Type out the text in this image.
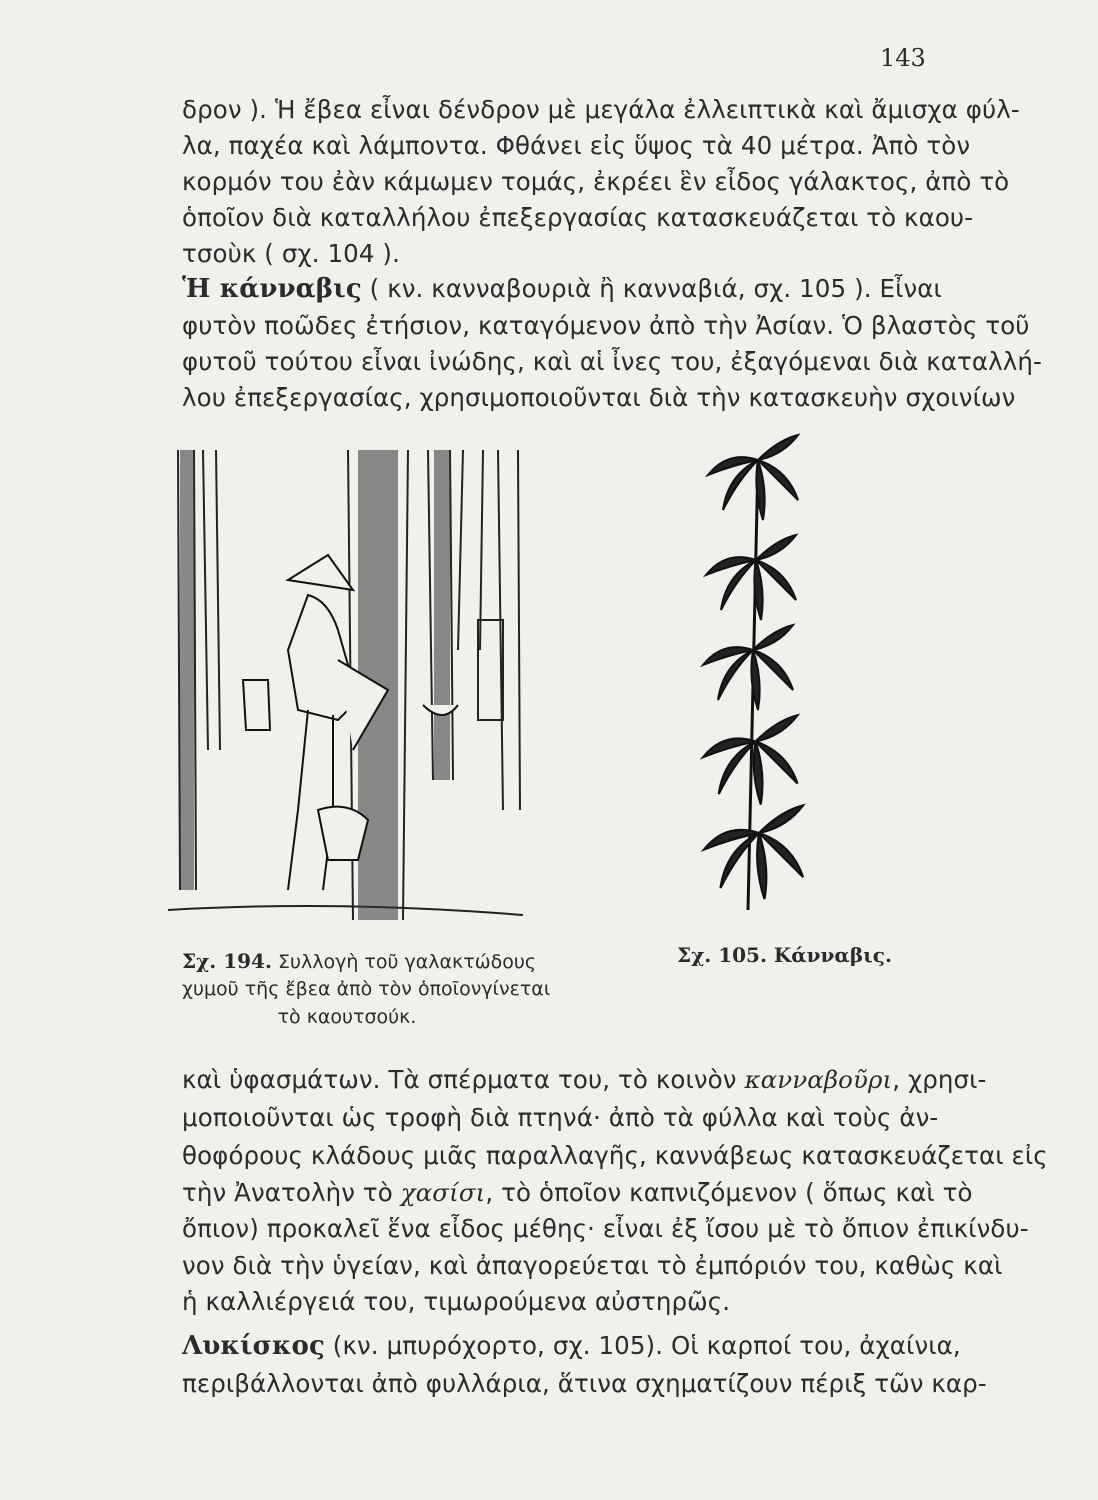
143
δρον ). Ἡ ἔβεα εἶναι δένδρον μὲ μεγάλα ἐλλειπτικὰ καὶ ἄμισχα φύλ-
λα, παχέα καὶ λάμποντα. Φθάνει εἰς ὕψος τὰ 40 μέτρα. Ἀπὸ τὸν
κορμόν του ἐὰν κάμωμεν τομάς, ἐκρέει ἓν εἶδος γάλακτος, ἀπὸ τὸ
ὁποῖον διὰ καταλλήλου ἐπεξεργασίας κατασκευάζεται τὸ καου-
τσοὺκ ( σχ. 104 ).
Ἡ κάνναβις ( κν. κανναβουριὰ ἢ κανναβιά, σχ. 105 ). Εἶναι
φυτὸν ποῶδες ἐτήσιον, καταγόμενον ἀπὸ τὴν Ἀσίαν. Ὁ βλαστὸς τοῦ
φυτοῦ τούτου εἶναι ἰνώδης, καὶ αἱ ἶνες του, ἐξαγόμεναι διὰ καταλλή-
λου ἐπεξεργασίας, χρησιμοποιοῦνται διὰ τὴν κατασκευὴν σχοινίων
Σχ. 194. Συλλογὴ τοῦ γαλακτώδους
χυμοῦ τῆς ἔβεα ἀπὸ τὸν ὁποῖονγίνεται
τὸ καουτσούκ.
Σχ. 105. Κάνναβις.
καὶ ὑφασμάτων. Τὰ σπέρματα του, τὸ κοινὸν κανναβοῦρι, χρησι-
μοποιοῦνται ὡς τροφὴ διὰ πτηνά· ἀπὸ τὰ φύλλα καὶ τοὺς ἀν-
θοφόρους κλάδους μιᾶς παραλλαγῆς, καννάβεως κατασκευάζεται εἰς
τὴν Ἀνατολὴν τὸ χασίσι, τὸ ὁποῖον καπνιζόμενον ( ὅπως καὶ τὸ
ὄπιον) προκαλεῖ ἕνα εἶδος μέθης· εἶναι ἐξ ἴσου μὲ τὸ ὄπιον ἐπικίνδυ-
νον διὰ τὴν ὑγείαν, καὶ ἀπαγορεύεται τὸ ἐμπόριόν του, καθὼς καὶ
ἡ καλλιέργειά του, τιμωρούμενα αὐστηρῶς.
Λυκίσκος (κν. μπυρόχορτο, σχ. 105). Οἱ καρποί του, ἀχαίνια,
περιβάλλονται ἀπὸ φυλλάρια, ἅτινα σχηματίζουν πέριξ τῶν καρ-
